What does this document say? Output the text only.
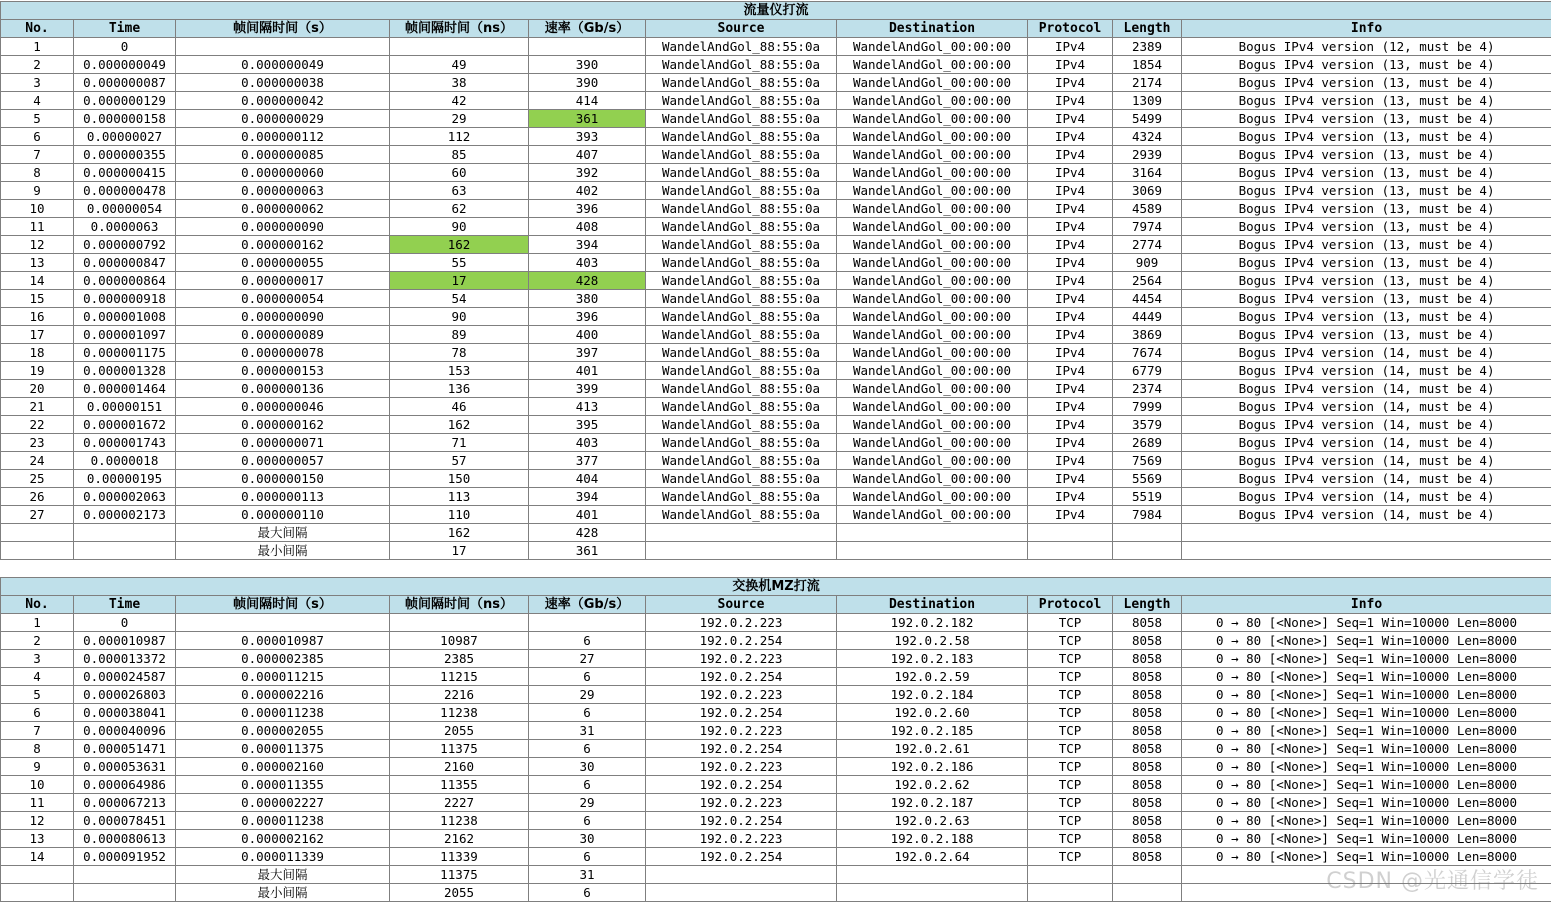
流量仪打流									
No.	Time	帧间隔时间（s）	帧间隔时间（ns）	速率（Gb/s）	Source	Destination	Protocol	Length	Info
1	0				WandelAndGol_88:55:0a	WandelAndGol_00:00:00	IPv4	2389	Bogus IPv4 version (12, must be 4)
2	0.000000049	0.000000049	49	390	WandelAndGol_88:55:0a	WandelAndGol_00:00:00	IPv4	1854	Bogus IPv4 version (13, must be 4)
3	0.000000087	0.000000038	38	390	WandelAndGol_88:55:0a	WandelAndGol_00:00:00	IPv4	2174	Bogus IPv4 version (13, must be 4)
4	0.000000129	0.000000042	42	414	WandelAndGol_88:55:0a	WandelAndGol_00:00:00	IPv4	1309	Bogus IPv4 version (13, must be 4)
5	0.000000158	0.000000029	29	361	WandelAndGol_88:55:0a	WandelAndGol_00:00:00	IPv4	5499	Bogus IPv4 version (13, must be 4)
6	0.00000027	0.000000112	112	393	WandelAndGol_88:55:0a	WandelAndGol_00:00:00	IPv4	4324	Bogus IPv4 version (13, must be 4)
7	0.000000355	0.000000085	85	407	WandelAndGol_88:55:0a	WandelAndGol_00:00:00	IPv4	2939	Bogus IPv4 version (13, must be 4)
8	0.000000415	0.000000060	60	392	WandelAndGol_88:55:0a	WandelAndGol_00:00:00	IPv4	3164	Bogus IPv4 version (13, must be 4)
9	0.000000478	0.000000063	63	402	WandelAndGol_88:55:0a	WandelAndGol_00:00:00	IPv4	3069	Bogus IPv4 version (13, must be 4)
10	0.00000054	0.000000062	62	396	WandelAndGol_88:55:0a	WandelAndGol_00:00:00	IPv4	4589	Bogus IPv4 version (13, must be 4)
11	0.0000063	0.000000090	90	408	WandelAndGol_88:55:0a	WandelAndGol_00:00:00	IPv4	7974	Bogus IPv4 version (13, must be 4)
12	0.000000792	0.000000162	162	394	WandelAndGol_88:55:0a	WandelAndGol_00:00:00	IPv4	2774	Bogus IPv4 version (13, must be 4)
13	0.000000847	0.000000055	55	403	WandelAndGol_88:55:0a	WandelAndGol_00:00:00	IPv4	909	Bogus IPv4 version (13, must be 4)
14	0.000000864	0.000000017	17	428	WandelAndGol_88:55:0a	WandelAndGol_00:00:00	IPv4	2564	Bogus IPv4 version (13, must be 4)
15	0.000000918	0.000000054	54	380	WandelAndGol_88:55:0a	WandelAndGol_00:00:00	IPv4	4454	Bogus IPv4 version (13, must be 4)
16	0.000001008	0.000000090	90	396	WandelAndGol_88:55:0a	WandelAndGol_00:00:00	IPv4	4449	Bogus IPv4 version (13, must be 4)
17	0.000001097	0.000000089	89	400	WandelAndGol_88:55:0a	WandelAndGol_00:00:00	IPv4	3869	Bogus IPv4 version (13, must be 4)
18	0.000001175	0.000000078	78	397	WandelAndGol_88:55:0a	WandelAndGol_00:00:00	IPv4	7674	Bogus IPv4 version (14, must be 4)
19	0.000001328	0.000000153	153	401	WandelAndGol_88:55:0a	WandelAndGol_00:00:00	IPv4	6779	Bogus IPv4 version (14, must be 4)
20	0.000001464	0.000000136	136	399	WandelAndGol_88:55:0a	WandelAndGol_00:00:00	IPv4	2374	Bogus IPv4 version (14, must be 4)
21	0.00000151	0.000000046	46	413	WandelAndGol_88:55:0a	WandelAndGol_00:00:00	IPv4	7999	Bogus IPv4 version (14, must be 4)
22	0.000001672	0.000000162	162	395	WandelAndGol_88:55:0a	WandelAndGol_00:00:00	IPv4	3579	Bogus IPv4 version (14, must be 4)
23	0.000001743	0.000000071	71	403	WandelAndGol_88:55:0a	WandelAndGol_00:00:00	IPv4	2689	Bogus IPv4 version (14, must be 4)
24	0.0000018	0.000000057	57	377	WandelAndGol_88:55:0a	WandelAndGol_00:00:00	IPv4	7569	Bogus IPv4 version (14, must be 4)
25	0.00000195	0.000000150	150	404	WandelAndGol_88:55:0a	WandelAndGol_00:00:00	IPv4	5569	Bogus IPv4 version (14, must be 4)
26	0.000002063	0.000000113	113	394	WandelAndGol_88:55:0a	WandelAndGol_00:00:00	IPv4	5519	Bogus IPv4 version (14, must be 4)
27	0.000002173	0.000000110	110	401	WandelAndGol_88:55:0a	WandelAndGol_00:00:00	IPv4	7984	Bogus IPv4 version (14, must be 4)
		最大间隔	162	428					
		最小间隔	17	361					
交换机MZ打流									
No.	Time	帧间隔时间（s）	帧间隔时间（ns）	速率（Gb/s）	Source	Destination	Protocol	Length	Info
1	0				192.0.2.223	192.0.2.182	TCP	8058	0 → 80 [<None>] Seq=1 Win=10000 Len=8000
2	0.000010987	0.000010987	10987	6	192.0.2.254	192.0.2.58	TCP	8058	0 → 80 [<None>] Seq=1 Win=10000 Len=8000
3	0.000013372	0.000002385	2385	27	192.0.2.223	192.0.2.183	TCP	8058	0 → 80 [<None>] Seq=1 Win=10000 Len=8000
4	0.000024587	0.000011215	11215	6	192.0.2.254	192.0.2.59	TCP	8058	0 → 80 [<None>] Seq=1 Win=10000 Len=8000
5	0.000026803	0.000002216	2216	29	192.0.2.223	192.0.2.184	TCP	8058	0 → 80 [<None>] Seq=1 Win=10000 Len=8000
6	0.000038041	0.000011238	11238	6	192.0.2.254	192.0.2.60	TCP	8058	0 → 80 [<None>] Seq=1 Win=10000 Len=8000
7	0.000040096	0.000002055	2055	31	192.0.2.223	192.0.2.185	TCP	8058	0 → 80 [<None>] Seq=1 Win=10000 Len=8000
8	0.000051471	0.000011375	11375	6	192.0.2.254	192.0.2.61	TCP	8058	0 → 80 [<None>] Seq=1 Win=10000 Len=8000
9	0.000053631	0.000002160	2160	30	192.0.2.223	192.0.2.186	TCP	8058	0 → 80 [<None>] Seq=1 Win=10000 Len=8000
10	0.000064986	0.000011355	11355	6	192.0.2.254	192.0.2.62	TCP	8058	0 → 80 [<None>] Seq=1 Win=10000 Len=8000
11	0.000067213	0.000002227	2227	29	192.0.2.223	192.0.2.187	TCP	8058	0 → 80 [<None>] Seq=1 Win=10000 Len=8000
12	0.000078451	0.000011238	11238	6	192.0.2.254	192.0.2.63	TCP	8058	0 → 80 [<None>] Seq=1 Win=10000 Len=8000
13	0.000080613	0.000002162	2162	30	192.0.2.223	192.0.2.188	TCP	8058	0 → 80 [<None>] Seq=1 Win=10000 Len=8000
14	0.000091952	0.000011339	11339	6	192.0.2.254	192.0.2.64	TCP	8058	0 → 80 [<None>] Seq=1 Win=10000 Len=8000
		最大间隔	11375	31					
		最小间隔	2055	6						CSDN @光通信学徒
